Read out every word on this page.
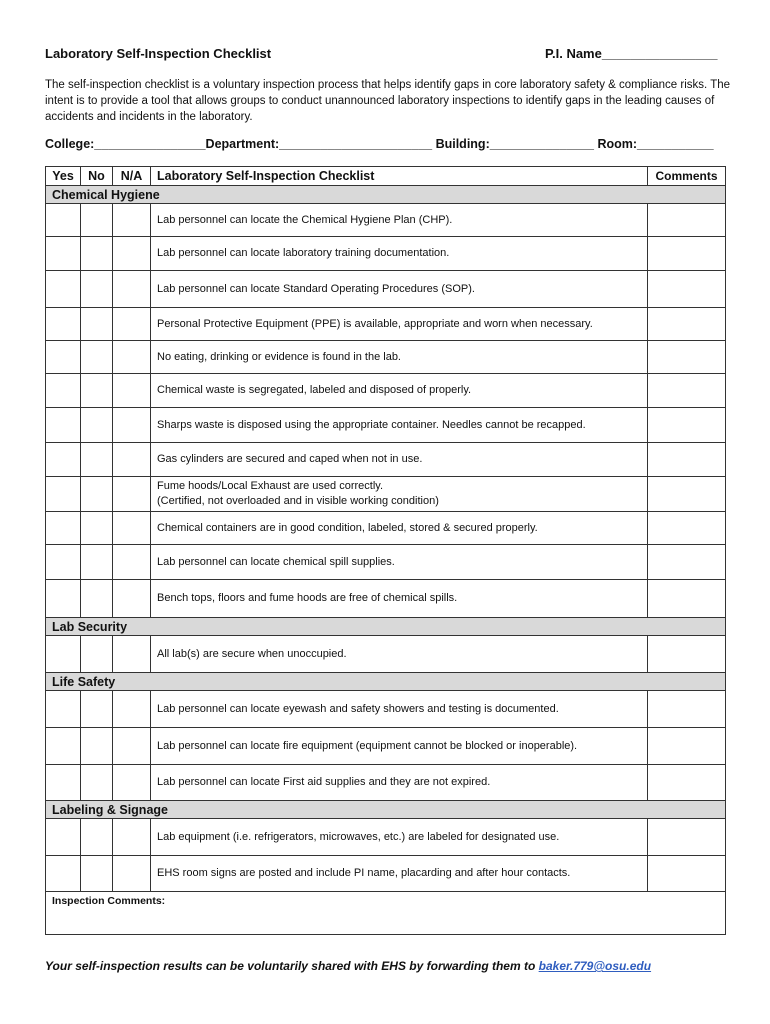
Laboratory Self-Inspection Checklist	P.I. Name________________
The self-inspection checklist is a voluntary inspection process that helps identify gaps in core laboratory safety & compliance risks. The intent is to provide a tool that allows groups to conduct unannounced laboratory inspections to identify gaps in the leading causes of accidents and incidents in the laboratory.
College:________________Department:______________________ Building:_______________ Room:___________
Yes	No	N/A	Laboratory Self-Inspection Checklist	Comments
Chemical Hygiene				
			Lab personnel can locate the Chemical Hygiene Plan (CHP).	
			Lab personnel can locate laboratory training documentation.	
			Lab personnel can locate Standard Operating Procedures (SOP).	
			Personal Protective Equipment (PPE) is available, appropriate and worn when necessary.	
			No eating, drinking or evidence is found in the lab.	
			Chemical waste is segregated, labeled and disposed of properly.	
			Sharps waste is disposed using the appropriate container. Needles cannot be recapped.	
			Gas cylinders are secured and caped when not in use.	
			Fume hoods/Local Exhaust are used correctly.
(Certified, not overloaded and in visible working condition)	
			Chemical containers are in good condition, labeled, stored & secured properly.	
			Lab personnel can locate chemical spill supplies.	
			Bench tops, floors and fume hoods are free of chemical spills.	
Lab Security				
			All lab(s) are secure when unoccupied.	
Life Safety				
			Lab personnel can locate eyewash and safety showers and testing is documented.	
			Lab personnel can locate fire equipment (equipment cannot be blocked or inoperable).	
			Lab personnel can locate First aid supplies and they are not expired.	
Labeling & Signage				
			Lab equipment (i.e. refrigerators, microwaves, etc.) are labeled for designated use.	
			EHS room signs are posted and include PI name, placarding and after hour contacts.	
Inspection Comments:				
Your self-inspection results can be voluntarily shared with EHS by forwarding them to baker.779@osu.edu
